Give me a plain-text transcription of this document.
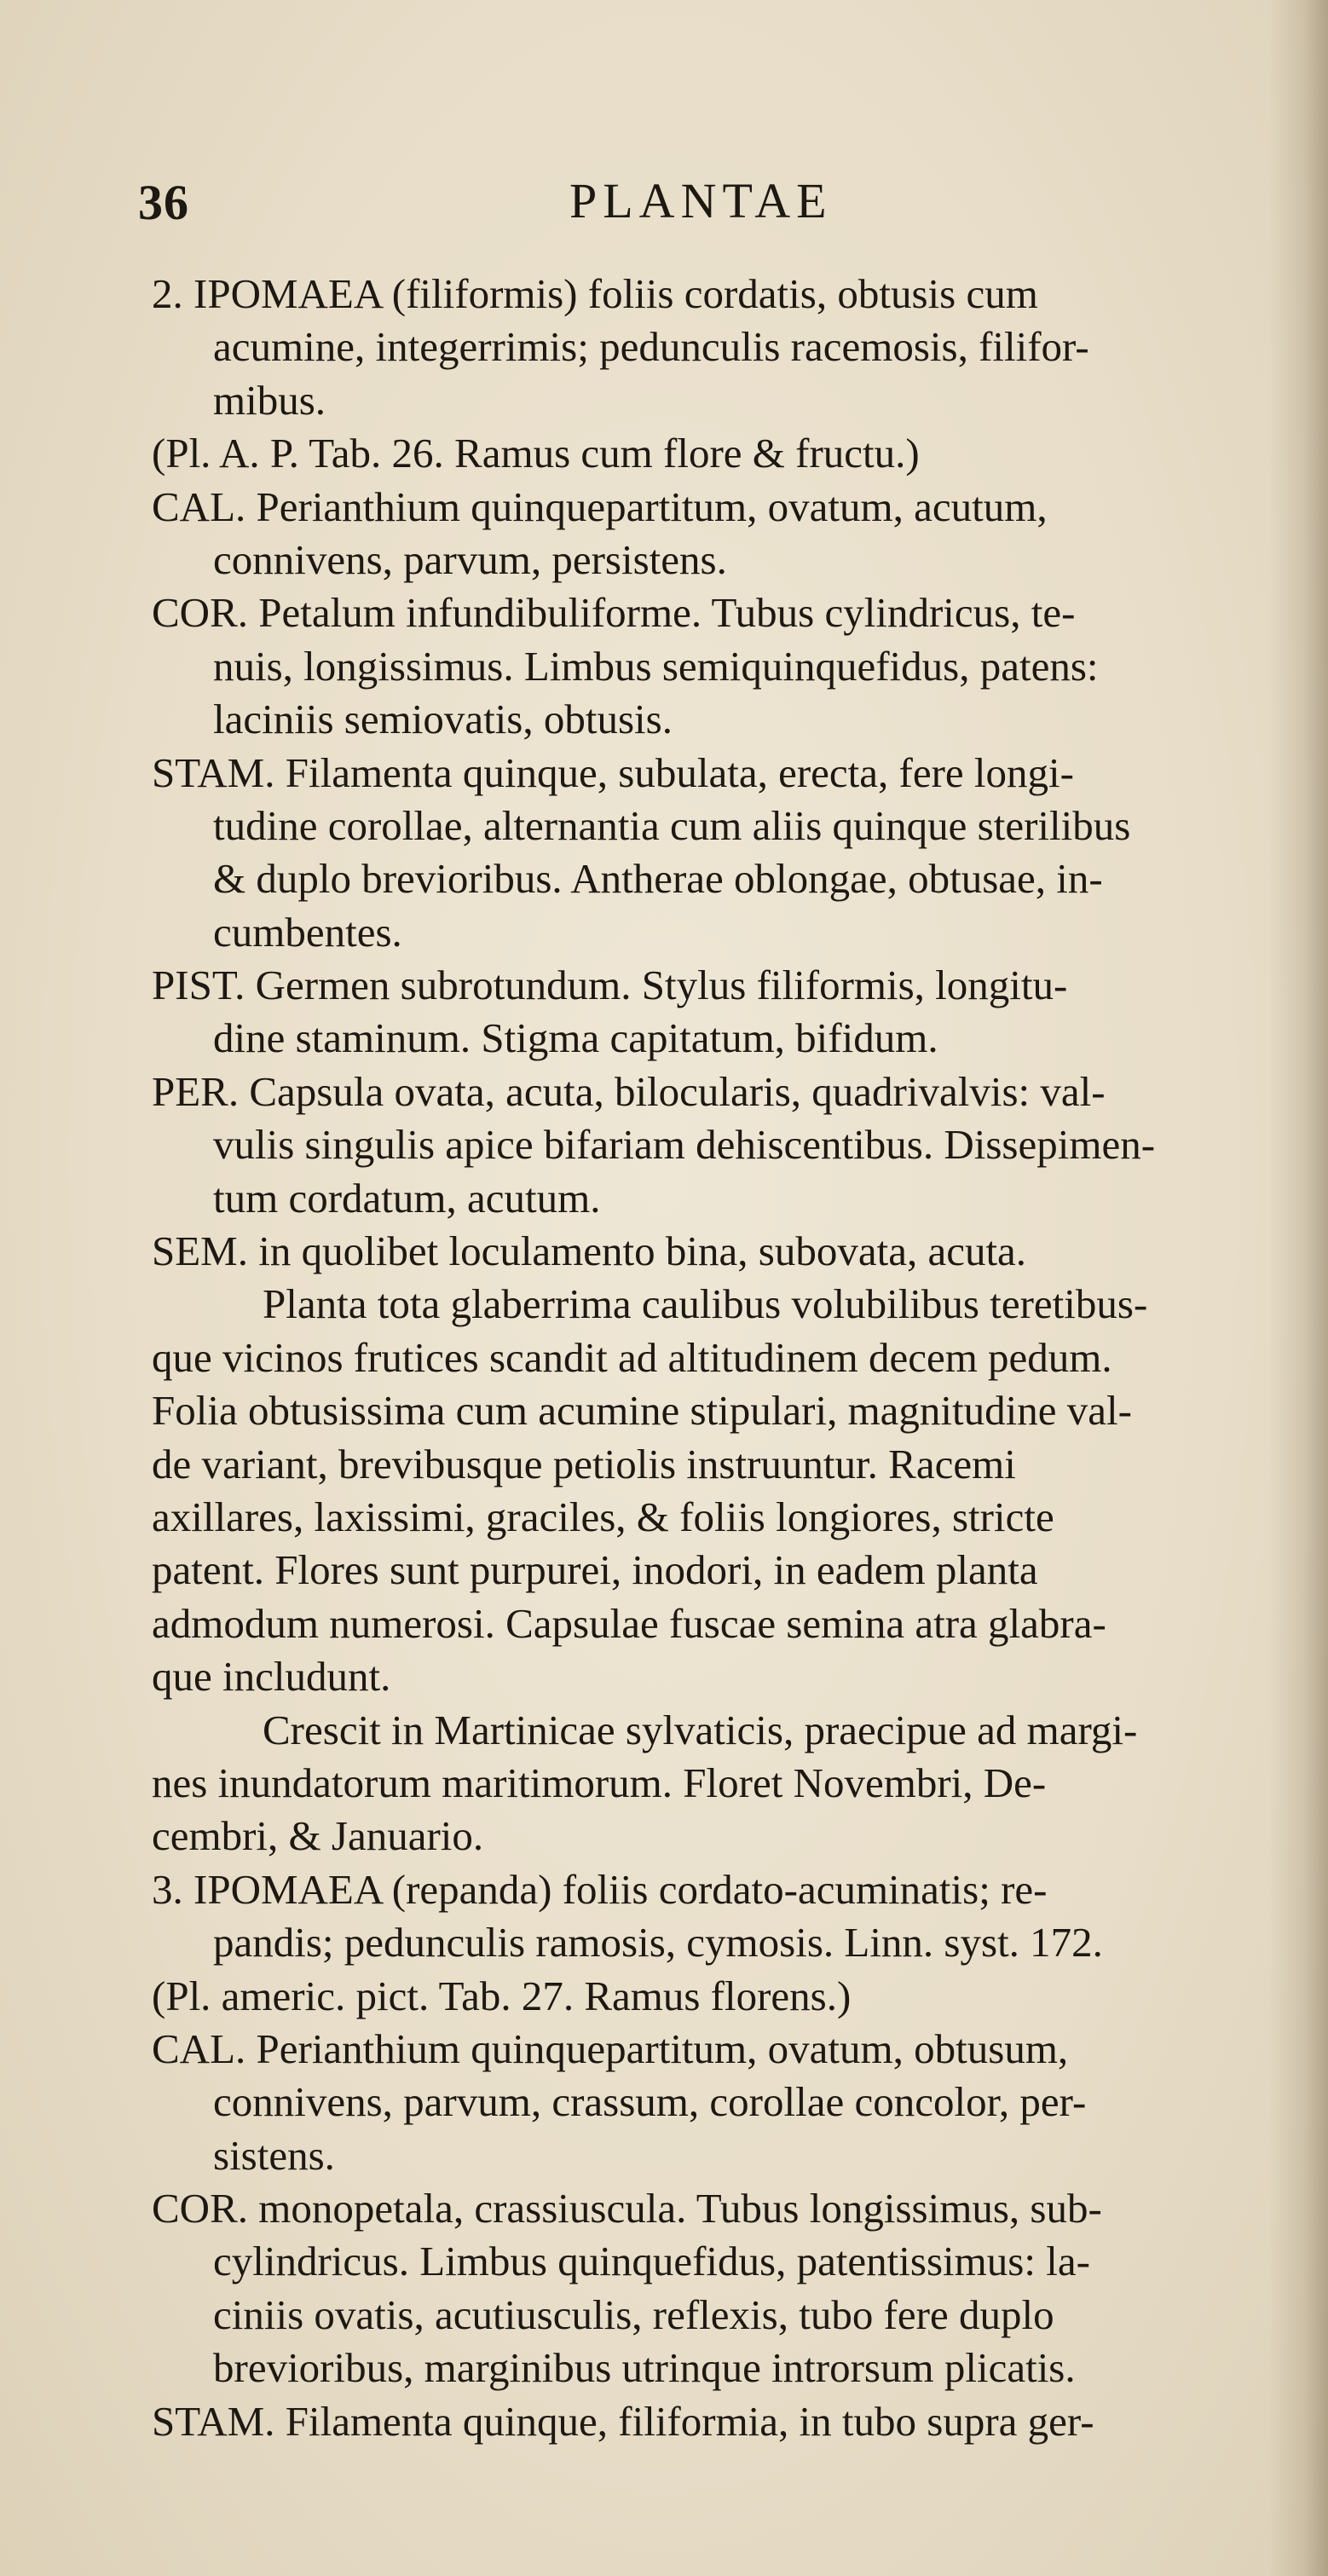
36	PLANTAE
2. IPOMAEA (filiformis) foliis cordatis, obtusis cum
acumine, integerrimis; pedunculis racemosis, filifor-
mibus.
(Pl. A. P. Tab. 26. Ramus cum flore & fructu.)
CAL. Perianthium quinquepartitum, ovatum, acutum,
connivens, parvum, persistens.
COR. Petalum infundibuliforme. Tubus cylindricus, te-
nuis, longissimus. Limbus semiquinquefidus, patens:
laciniis semiovatis, obtusis.
STAM. Filamenta quinque, subulata, erecta, fere longi-
tudine corollae, alternantia cum aliis quinque sterilibus
& duplo brevioribus. Antherae oblongae, obtusae, in-
cumbentes.
PIST. Germen subrotundum. Stylus filiformis, longitu-
dine staminum. Stigma capitatum, bifidum.
PER. Capsula ovata, acuta, bilocularis, quadrivalvis: val-
vulis singulis apice bifariam dehiscentibus. Dissepimen-
tum cordatum, acutum.
SEM. in quolibet loculamento bina, subovata, acuta.
Planta tota glaberrima caulibus volubilibus teretibus-
que vicinos frutices scandit ad altitudinem decem pedum.
Folia obtusissima cum acumine stipulari, magnitudine val-
de variant, brevibusque petiolis instruuntur. Racemi
axillares, laxissimi, graciles, & foliis longiores, stricte
patent. Flores sunt purpurei, inodori, in eadem planta
admodum numerosi. Capsulae fuscae semina atra glabra-
que includunt.
Crescit in Martinicae sylvaticis, praecipue ad margi-
nes inundatorum maritimorum. Floret Novembri, De-
cembri, & Januario.
3. IPOMAEA (repanda) foliis cordato-acuminatis; re-
pandis; pedunculis ramosis, cymosis. Linn. syst. 172.
(Pl. americ. pict. Tab. 27. Ramus florens.)
CAL. Perianthium quinquepartitum, ovatum, obtusum,
connivens, parvum, crassum, corollae concolor, per-
sistens.
COR. monopetala, crassiuscula. Tubus longissimus, sub-
cylindricus. Limbus quinquefidus, patentissimus: la-
ciniis ovatis, acutiusculis, reflexis, tubo fere duplo
brevioribus, marginibus utrinque introrsum plicatis.
STAM. Filamenta quinque, filiformia, in tubo supra ger-
